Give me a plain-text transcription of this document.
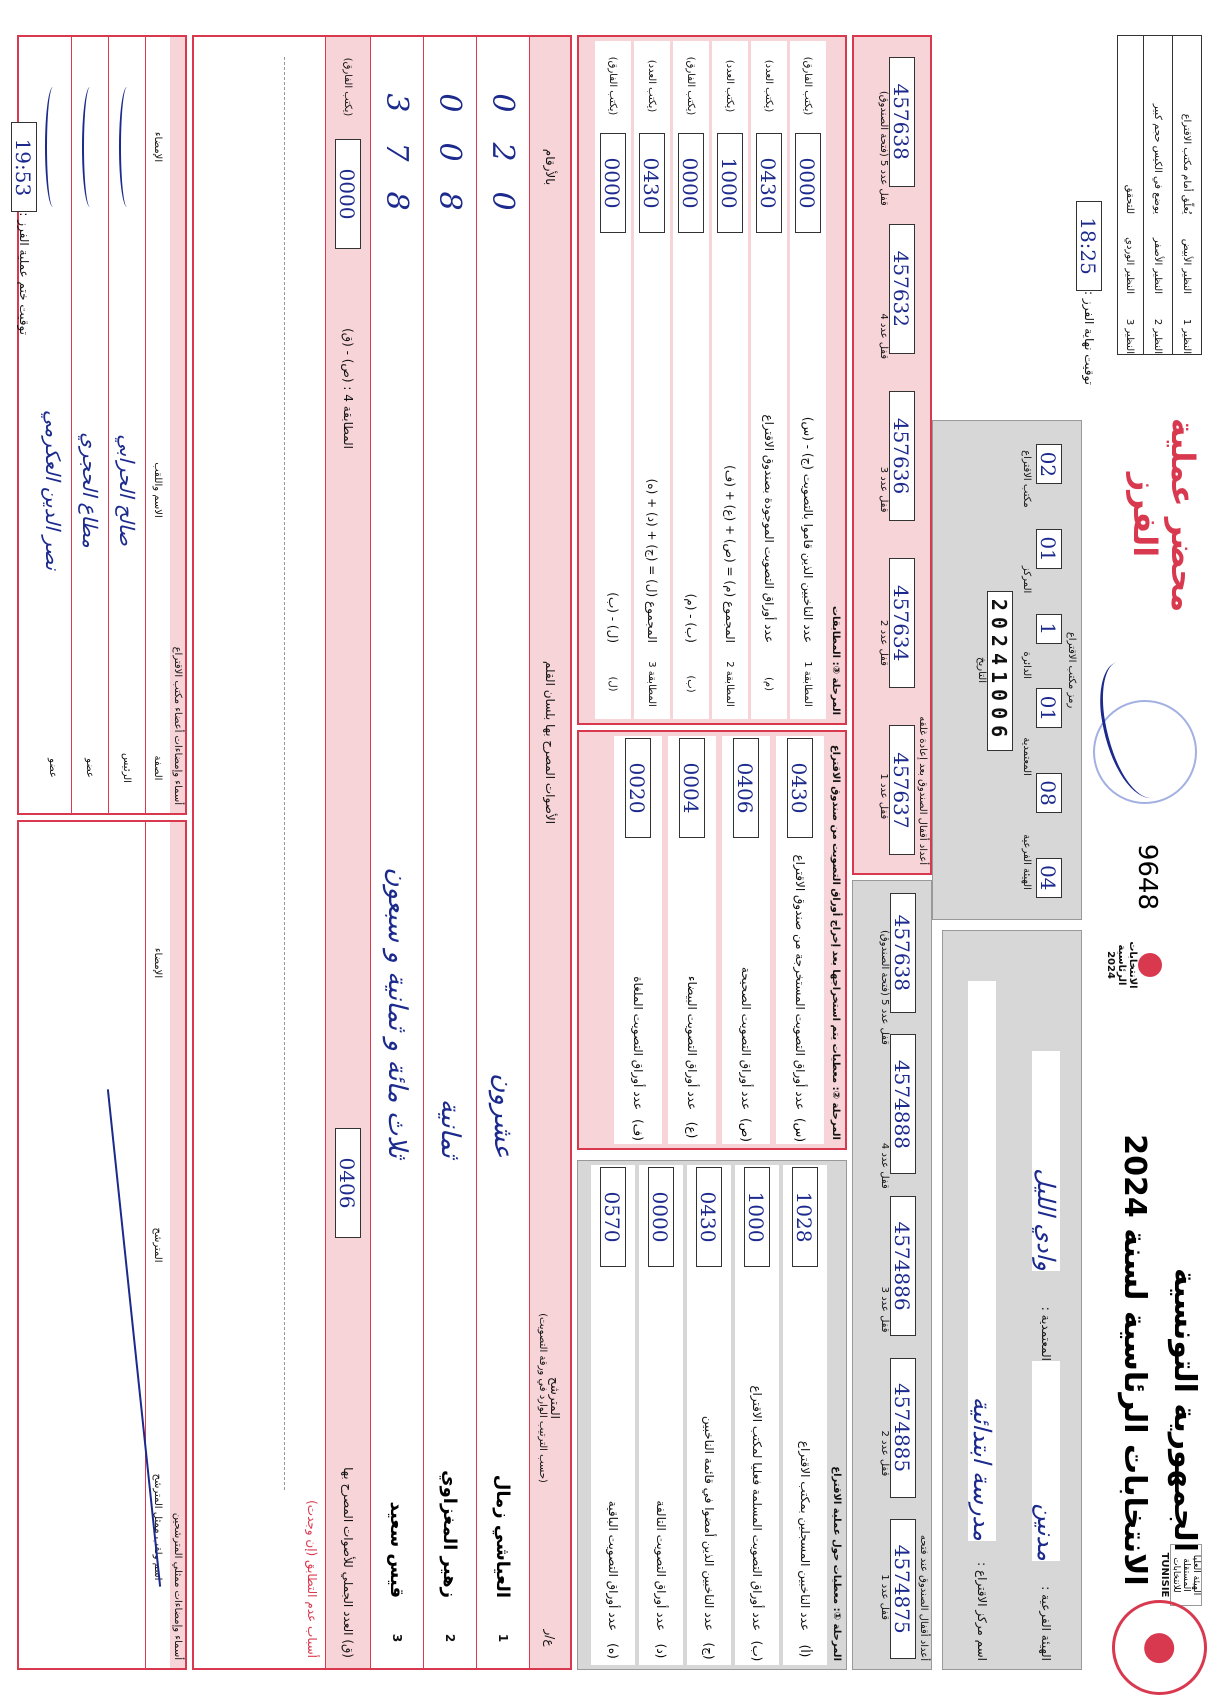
الجمهورية التونسية
الانتخابات الرئاسية لسنة 2024
الانتخابات الرئاسية 2024
الهيئة العليا المستقلة للانتخابات
TUNISIE
9648
محضر عملية الفرز
النظير 1
النظير الأبيض
يُعلّق أمام مكتب الاقتراع
النظير 2
النظير الأصفر
يوضع في الكيس حجم كبير
النظير 3
النظير الوردي
للتحقق
الهيئة الفرعية :
مدنين
المعتمدية :
وادي الليل
اسم مركز الاقتراع :
مدرسة ابتدائية
رمز مكتب الاقتراع
04
08
01
1
01
02
الهيئة الفرعية
المعتمدية
الدائرة
المركز
مكتب الاقتراع
20241006
التاريخ
توقيت نهاية الفرز :
18:25
أعداد أقفال الصندوق عند فتحه
4574875
4574885
4574886
4574888
457638
قفل عدد 1
قفل عدد 2
قفل عدد 3
قفل عدد 4
قفل عدد 5 (فتحة الصندوق)
أعداد أقفال الصندوق بعد إعادة غلقه
457637
457634
457636
457632
457638
قفل عدد 1
قفل عدد 2
قفل عدد 3
قفل عدد 4
قفل عدد 5 (فتحة الصندوق)
المرحلة ①: معطيات حول عملية الاقتراع
(أ)
عدد الناخبين المسجلين بمكتب الاقتراع
1028
(ب)
عدد أوراق التصويت المسلمة فعليا لمكتب الاقتراع
1000
(ج)
عدد الناخبين الذين أمضوا في قائمة الناخبين
0430
(د)
عدد أوراق التصويت التالفة
0000
(ه)
عدد أوراق التصويت الباقية
0570
المرحلة ②: معطيات يتم استخراجها بعد إخراج أوراق التصويت من صندوق الاقتراع
(س)
عدد أوراق التصويت المستخرجة من صندوق الاقتراع
0430
(ص)
عدد أوراق التصويت الصحيحة
0406
(ع)
عدد أوراق التصويت البيضاء
0004
(ف)
عدد أوراق التصويت الملغاة
0020
المرحلة ③: المطابقات
المطابقة 1
عدد الناخبين الذين قاموا بالتصويت (ج) - (س)
0000
(يكتب الفارق)
(م)
عدد أوراق التصويت الموجودة بصندوق الاقتراع
0430
(يكتب العدد)
المطابقة 2
المجموع (م) = (ص) + (ع) + (ف)
1000
(يكتب العدد)
(ب)
(ب) - (م)
0000
(يكتب الفارق)
المطابقة 3
المجموع (ل) = (ج) + (د) + (ه)
0430
(يكتب العدد)
(ل)
(ل) - (ب)
0000
(يكتب الفارق)
ع/ر
المترشح
(حسب الترتيب الوارد في ورقة التصويت)
الأصوات المصرح بها بلسان القلم
بالأرقام
1
العياشي زمال
عشرون
020
2
زهير المغزاوي
ثمانية
008
3
قيس سعيد
ثلاث مائة و ثمانية و سبعون
378
(ق) العدد الجملي للأصوات المصرح بها
0406
المطابقة 4 : (ص) - (ق)
0000
(يكتب الفارق)
أسباب عدم التطابق (إن وجدت)
أسماء وإمضاءات ممثلي المترشحين
اسم ولقب ممثل المترشح
المترشح
الإمضاء
أسماء وإمضاءات أعضاء مكتب الاقتراع
الصفة
الاسم واللقب
الإمضاء
الرئيس
صالح الحرابي
عضو
مطاع الحجري
عضو
نصر الدين العكرمي
توقيت ختم عملية الفرز :
19:53
